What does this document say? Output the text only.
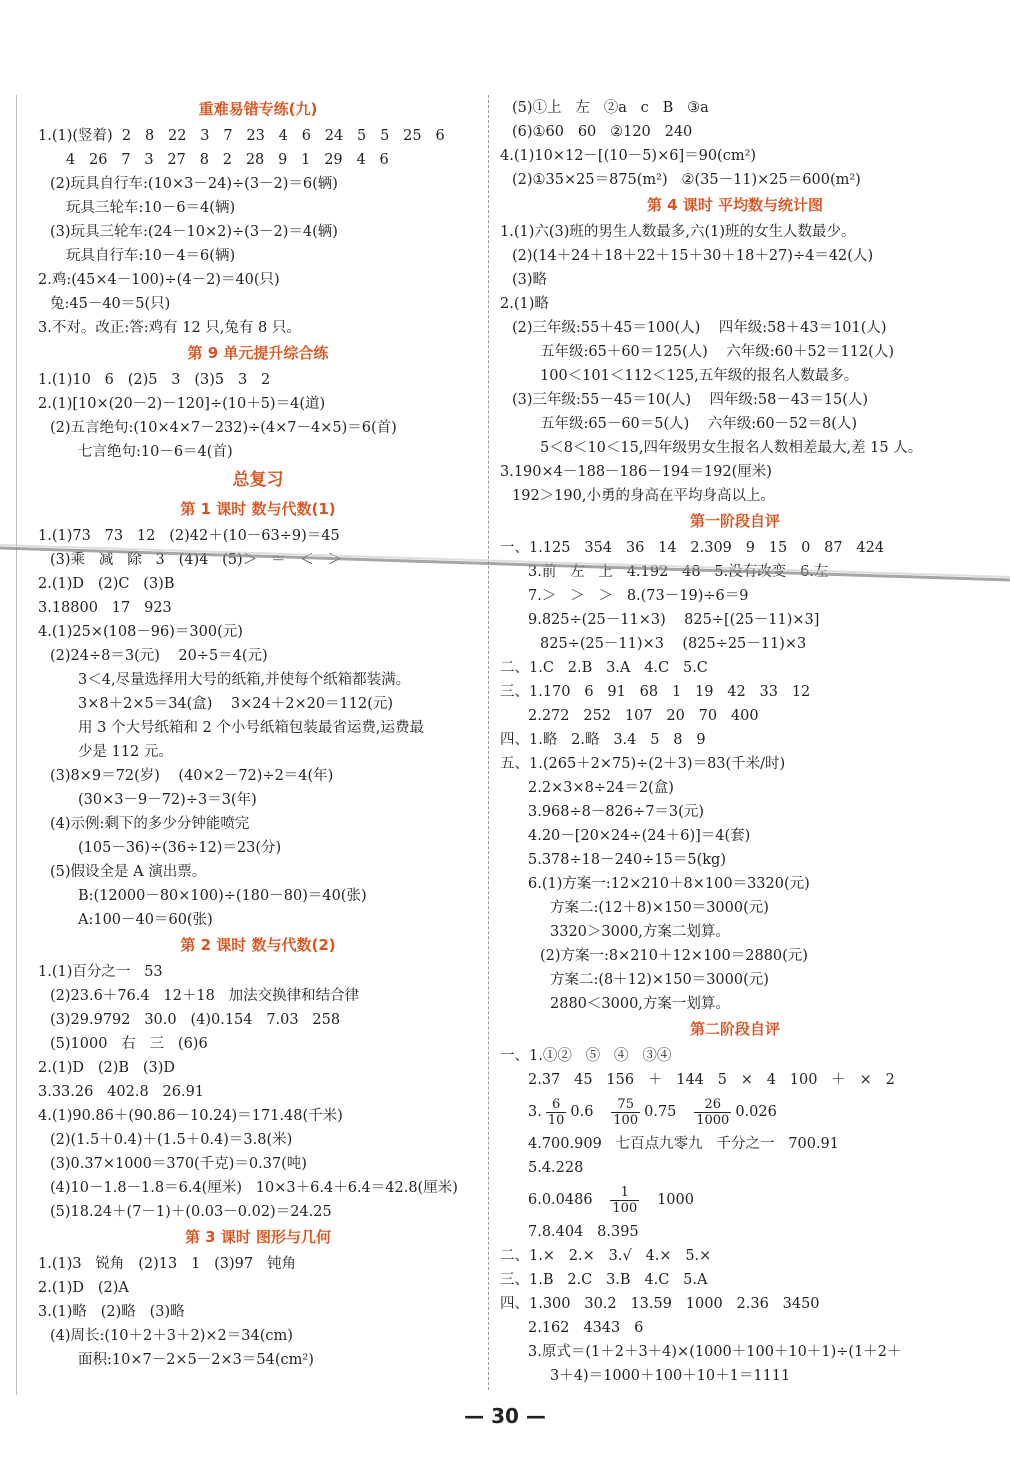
重难易错专练(九)
1.(1)(竖着)  2   8   22   3   7   23   4   6   24   5   5   25   6
4   26   7   3   27   8   2   28   9   1   29   4   6
(2)玩具自行车:(10×3－24)÷(3－2)＝6(辆)
玩具三轮车:10－6＝4(辆)
(3)玩具三轮车:(24－10×2)÷(3－2)＝4(辆)
玩具自行车:10－4＝6(辆)
2.鸡:(45×4－100)÷(4－2)＝40(只)
兔:45－40＝5(只)
3.不对。改正:答:鸡有 12 只,兔有 8 只。
第 9 单元提升综合练
1.(1)10   6   (2)5   3   (3)5   3   2
2.(1)[10×(20－2)－120]÷(10＋5)＝4(道)
(2)五言绝句:(10×4×7－232)÷(4×7－4×5)＝6(首)
七言绝句:10－6＝4(首)
总复习
第 1 课时 数与代数(1)
1.(1)73   73   12   (2)42＋(10－63÷9)＝45
(3)乘   减   除   3   (4)4   (5)＞   ＝   ＜   ＞
2.(1)D   (2)C   (3)B
3.18800   17   923
4.(1)25×(108－96)＝300(元)
(2)24÷8＝3(元)    20÷5＝4(元)
3＜4,尽量选择用大号的纸箱,并使每个纸箱都装满。
3×8＋2×5＝34(盒)    3×24＋2×20＝112(元)
用 3 个大号纸箱和 2 个小号纸箱包装最省运费,运费最
少是 112 元。
(3)8×9＝72(岁)    (40×2－72)÷2＝4(年)
(30×3－9－72)÷3＝3(年)
(4)示例:剩下的多少分钟能喷完
(105－36)÷(36÷12)＝23(分)
(5)假设全是 A 演出票。
B:(12000－80×100)÷(180－80)＝40(张)
A:100－40＝60(张)
第 2 课时 数与代数(2)
1.(1)百分之一   53
(2)23.6＋76.4   12＋18   加法交换律和结合律
(3)29.9792   30.0   (4)0.154   7.03   258
(5)1000   右   三   (6)6
2.(1)D   (2)B   (3)D
3.33.26   402.8   26.91
4.(1)90.86＋(90.86－10.24)＝171.48(千米)
(2)(1.5＋0.4)＋(1.5＋0.4)＝3.8(米)
(3)0.37×1000＝370(千克)＝0.37(吨)
(4)10－1.8－1.8＝6.4(厘米)   10×3＋6.4＋6.4＝42.8(厘米)
(5)18.24＋(7－1)＋(0.03－0.02)＝24.25
第 3 课时 图形与几何
1.(1)3   锐角   (2)13   1   (3)97   钝角
2.(1)D   (2)A
3.(1)略   (2)略   (3)略
(4)周长:(10＋2＋3＋2)×2＝34(cm)
面积:10×7－2×5－2×3＝54(cm²)
(5)①上   左   ②a   c   B   ③a
(6)①60   60   ②120   240
4.(1)10×12－[(10－5)×6]＝90(cm²)
(2)①35×25＝875(m²)   ②(35－11)×25＝600(m²)
第 4 课时 平均数与统计图
1.(1)六(3)班的男生人数最多,六(1)班的女生人数最少。
(2)(14＋24＋18＋22＋15＋30＋18＋27)÷4＝42(人)
(3)略
2.(1)略
(2)三年级:55＋45＝100(人)    四年级:58＋43＝101(人)
五年级:65＋60＝125(人)    六年级:60＋52＝112(人)
100＜101＜112＜125,五年级的报名人数最多。
(3)三年级:55－45＝10(人)    四年级:58－43＝15(人)
五年级:65－60＝5(人)    六年级:60－52＝8(人)
5＜8＜10＜15,四年级男女生报名人数相差最大,差 15 人。
3.190×4－188－186－194＝192(厘米)
192＞190,小勇的身高在平均身高以上。
第一阶段自评
一、1.125   354   36   14   2.309   9   15   0   87   424
3.前   左   上   4.192   48   5.没有改变   6.左
7.＞   ＞   ＞   8.(73－19)÷6＝9
9.825÷(25－11×3)    825÷[(25－11)×3]
825÷(25－11)×3    (825÷25－11)×3
二、1.C   2.B   3.A   4.C   5.C
三、1.170   6   91   68   1   19   42   33   12
2.272   252   107   20   70   400
四、1.略   2.略   3.4   5   8   9
五、1.(265＋2×75)÷(2＋3)＝83(千米/时)
2.2×3×8÷24＝2(盒)
3.968÷8－826÷7＝3(元)
4.20－[20×24÷(24＋6)]＝4(套)
5.378÷18－240÷15＝5(kg)
6.(1)方案一:12×210＋8×100＝3320(元)
方案二:(12＋8)×150＝3000(元)
3320＞3000,方案二划算。
(2)方案一:8×210＋12×100＝2880(元)
方案二:(8＋12)×150＝3000(元)
2880＜3000,方案一划算。
第二阶段自评
一、1.①②   ⑤   ④   ③④
2.37   45   156   ＋   144   5   ×   4   100   ＋   ×   2
3. $\frac{6}{10} 0.6 \frac{75}{100} 0.75 \frac{26}{1000} 0.026$
4.700.909   七百点九零九   千分之一   700.91
5.4.228
$6.0.0486 \frac{1}{100} 1000$
7.8.404   8.395
二、1.×   2.×   3.√   4.×   5.×
三、1.B   2.C   3.B   4.C   5.A
四、1.300   30.2   13.59   1000   2.36   3450
2.162   4343   6
3.原式＝(1＋2＋3＋4)×(1000＋100＋10＋1)÷(1＋2＋
3＋4)＝1000＋100＋10＋1＝1111
— 30 —
